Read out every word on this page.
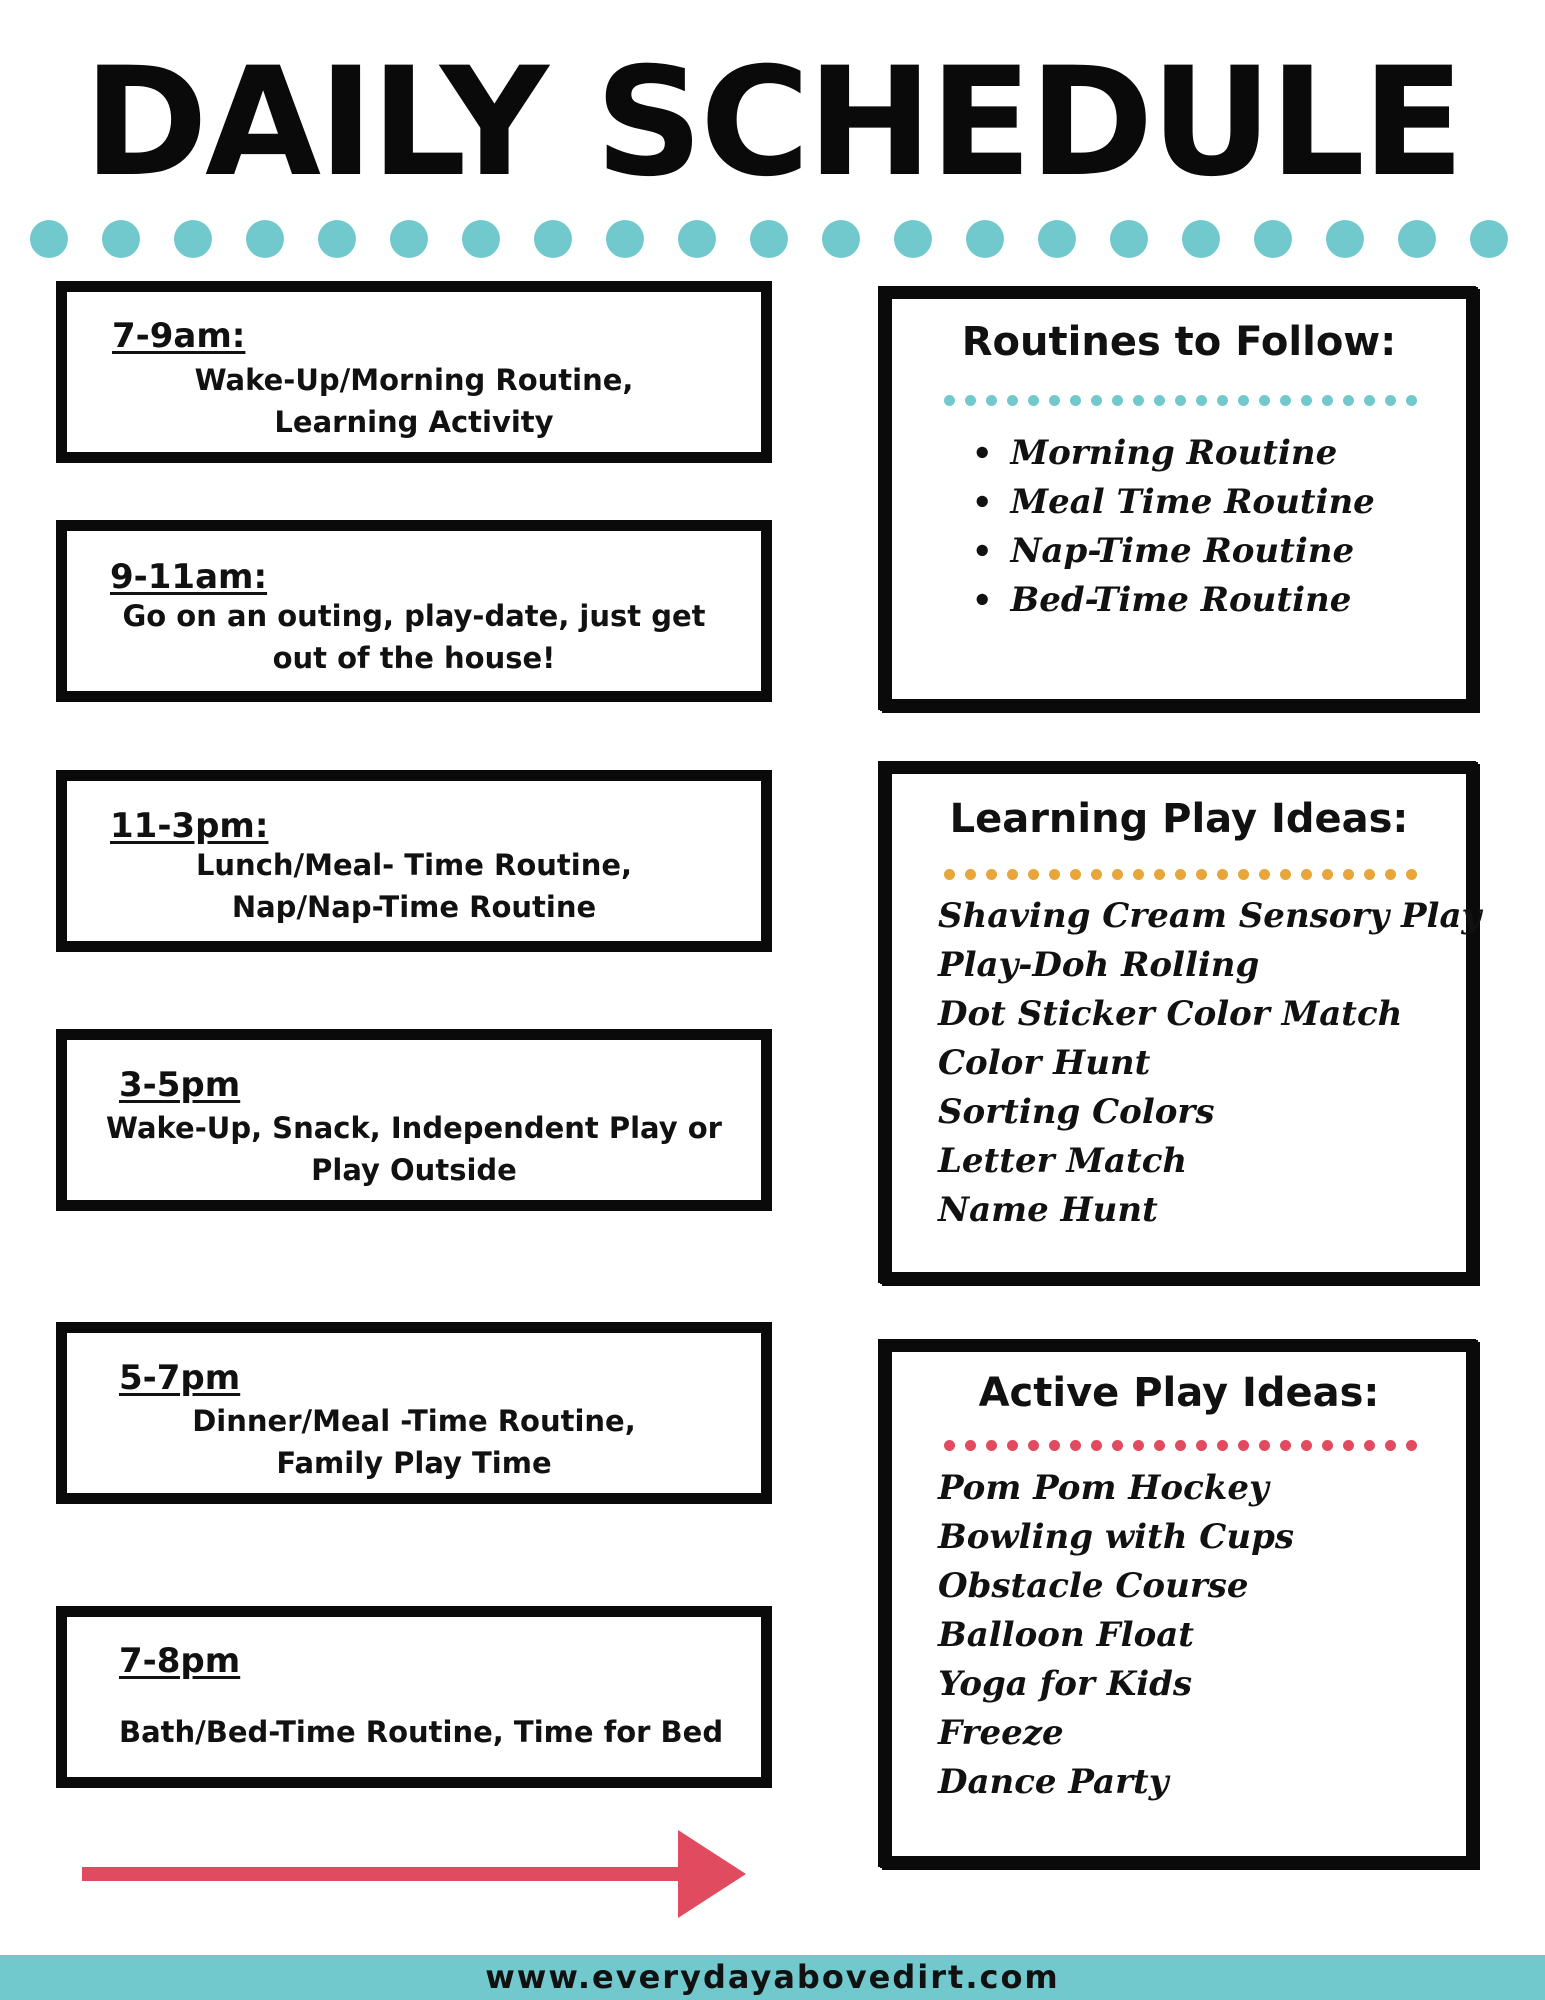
DAILY SCHEDULE
7-9am:
Wake-Up/Morning Routine,
Learning Activity
9-11am:
Go on an outing, play-date, just get
out of the house!
11-3pm:
Lunch/Meal- Time Routine,
Nap/Nap-Time Routine
3-5pm
Wake-Up, Snack, Independent Play or
Play Outside
5-7pm
Dinner/Meal -Time Routine,
Family Play Time
7-8pm
Bath/Bed-Time Routine, Time for Bed
Routines to Follow:
• Morning Routine
• Meal Time Routine
• Nap-Time Routine
• Bed-Time Routine
Learning Play Ideas:
Shaving Cream Sensory Play
Play-Doh Rolling
Dot Sticker Color Match
Color Hunt
Sorting Colors
Letter Match
Name Hunt
Active Play Ideas:
Pom Pom Hockey
Bowling with Cups
Obstacle Course
Balloon Float
Yoga for Kids
Freeze
Dance Party
www.everydayabovedirt.com
